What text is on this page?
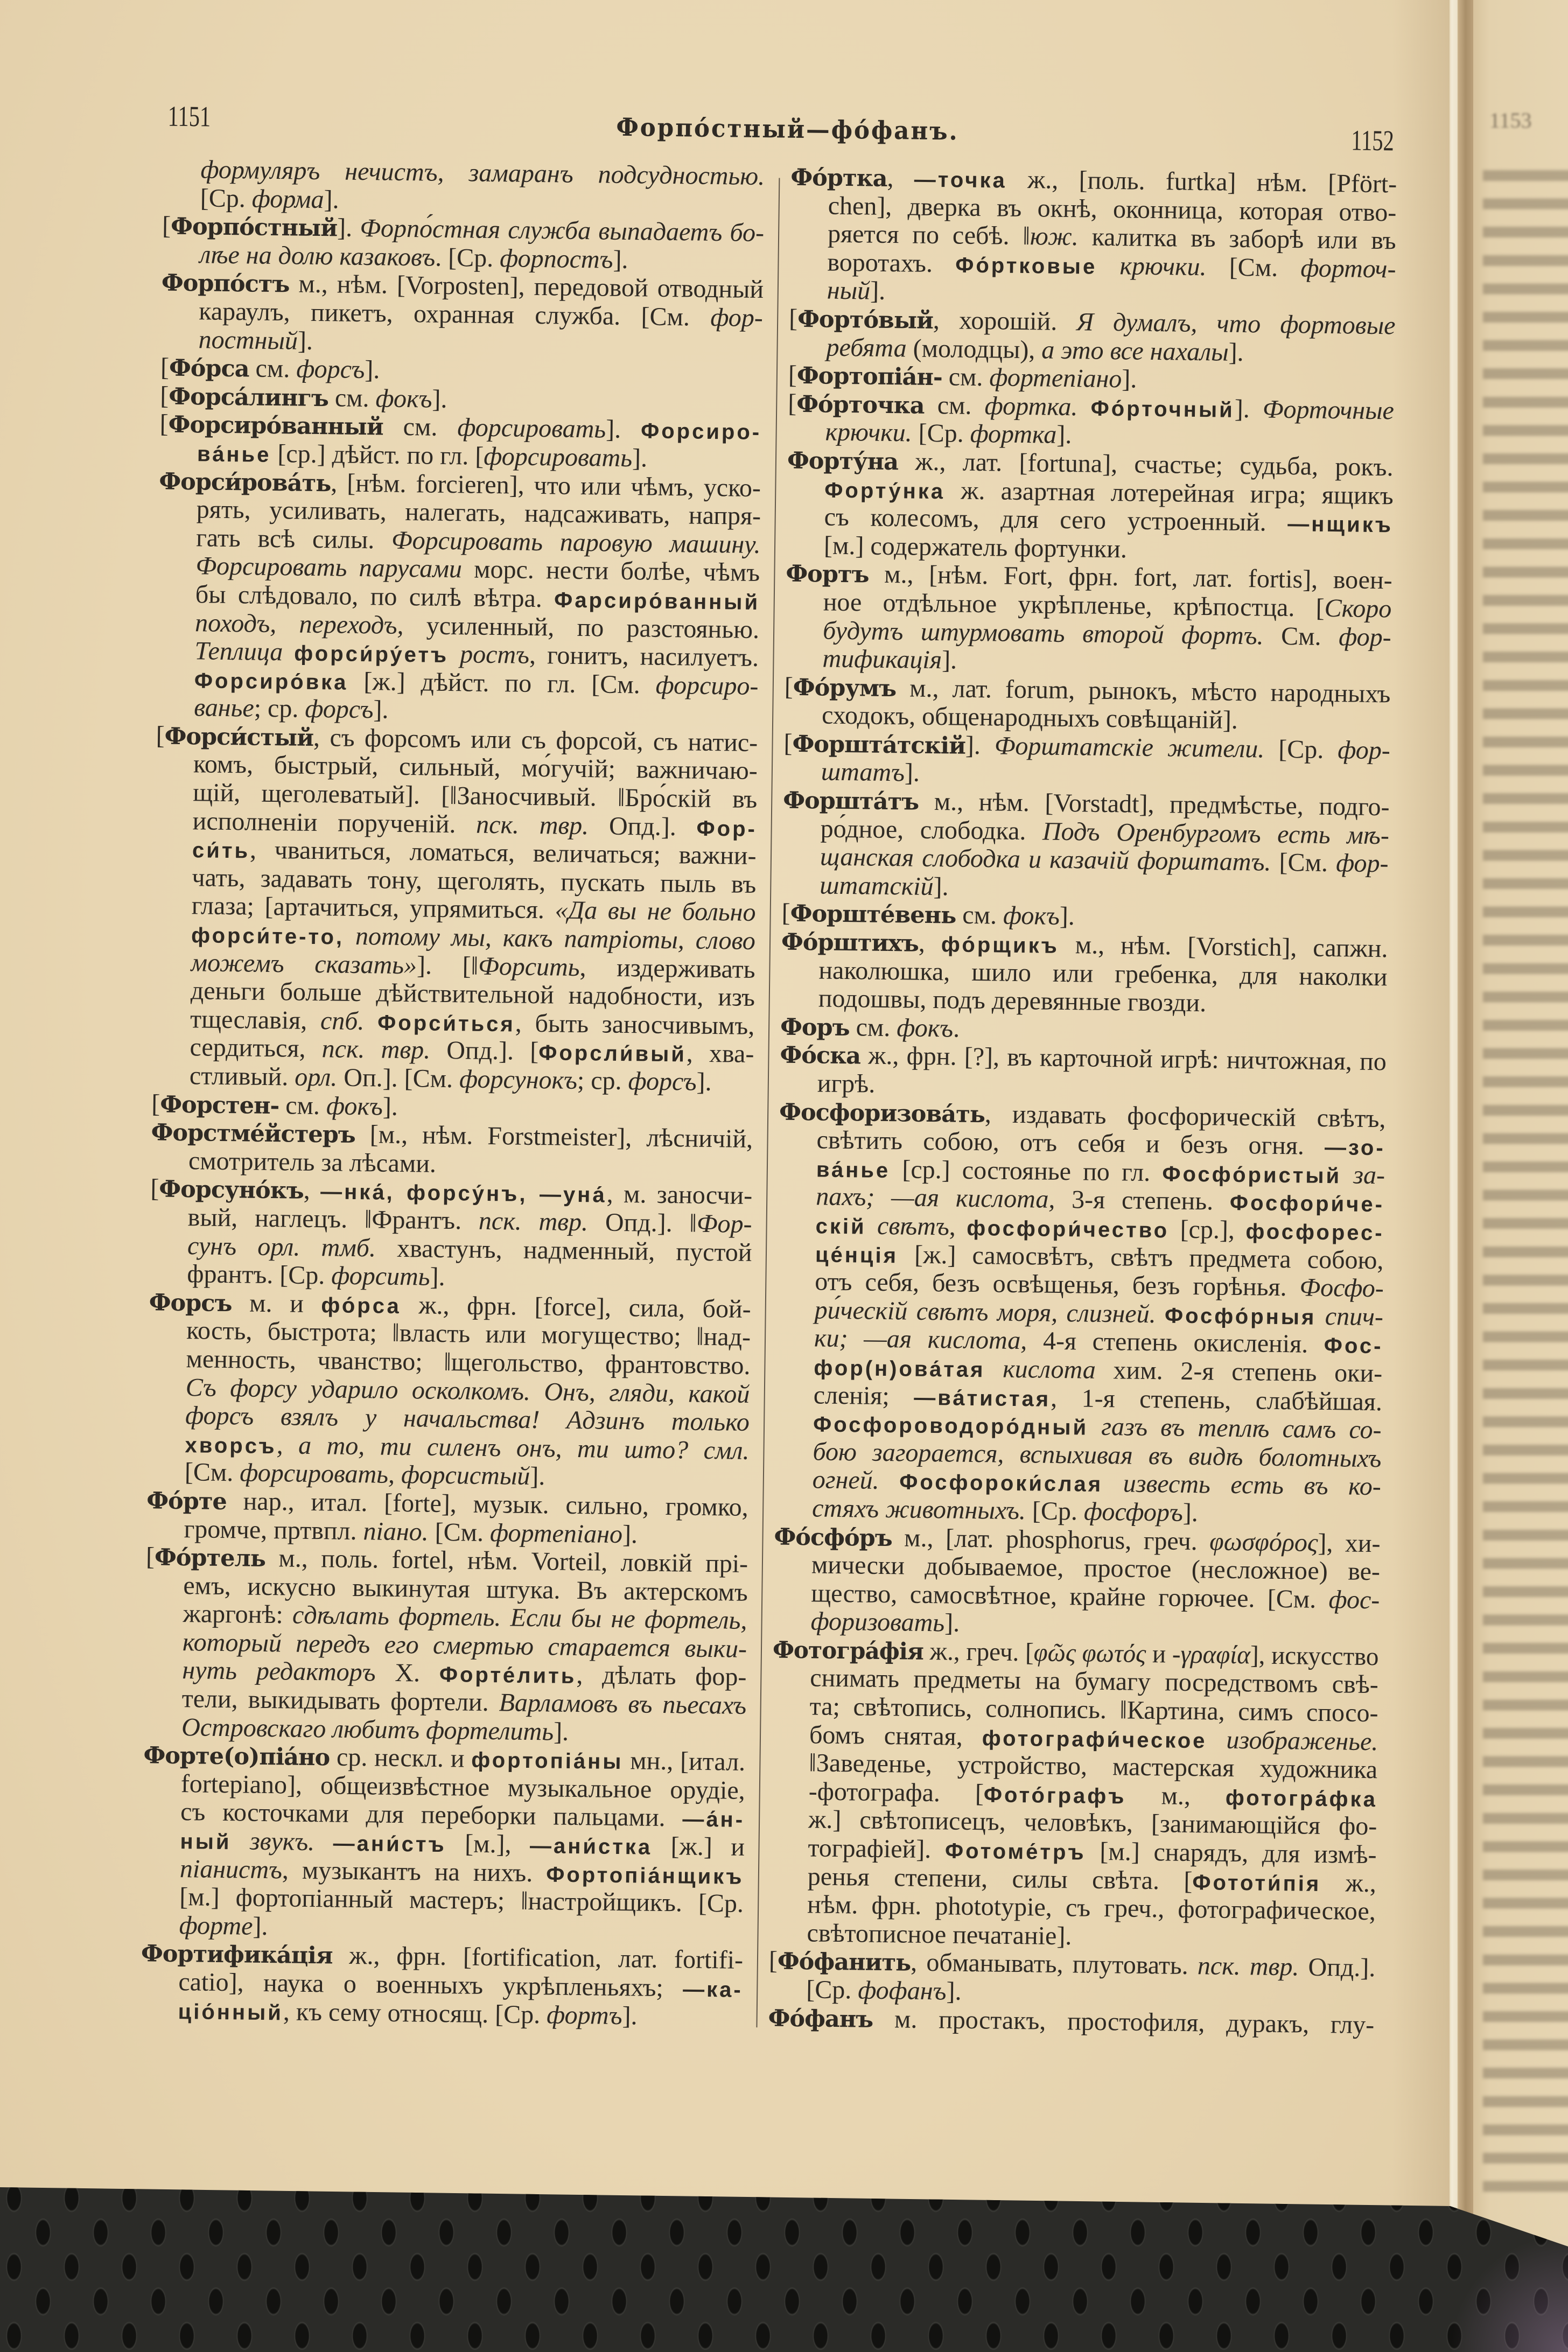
1151	Форпо́стный—фо́фанъ.	1152
формуляръ нечистъ, замаранъ подсудностью.
[Ср. форма].
[Форпо́стный]. Форпо́стная служба выпадаетъ бо-
лѣе на долю казаковъ. [Ср. форпостъ].
Форпо́стъ м., нѣм. [Vorposten], передовой отводный
караулъ, пикетъ, охранная служба. [См. фор-
постный].
[Фо́рса см. форсъ].
[Форса́лингъ см. фокъ].
[Форсиро́ванный см. форсировать]. Форсиро-
ва́нье [ср.] дѣйст. по гл. [форсировать].
Форси́рова́ть, [нѣм. forcieren], что или чѣмъ, уско-
рять, усиливать, налегать, надсаживать, напря-
гать всѣ силы. Форсировать паровую машину.
Форсировать парусами морс. нести болѣе, чѣмъ
бы слѣдовало, по силѣ вѣтра. Фарсиро́ванный
походъ, переходъ, усиленный, по разстоянью.
Теплица форси́ру́етъ ростъ, гонитъ, насилуетъ.
Форсиро́вка [ж.] дѣйст. по гл. [См. форсиро-
ванье; ср. форсъ].
[Форси́стый, съ форсомъ или съ форсой, съ натис-
комъ, быстрый, сильный, мо́гучій; важничаю-
щій, щеголеватый]. [‖Заносчивый. ‖Бро́скій въ
исполненіи порученій. пск. твр. Опд.]. Фор-
си́ть, чваниться, ломаться, величаться; важни-
чать, задавать тону, щеголять, пускать пыль въ
глаза; [артачиться, упрямиться. «Да вы не больно
форси́те-то, потому мы, какъ патріоты, слово
можемъ сказать»]. [‖Форсить, издерживать
деньги больше дѣйствительной надобности, изъ
тщеславія, спб. Форси́ться, быть заносчивымъ,
сердиться, пск. твр. Опд.]. [Форсли́вый, хва-
стливый. орл. Оп.]. [См. форсунокъ; ср. форсъ].
[Форстен- см. фокъ].
Форстме́йстеръ [м., нѣм. Forstmeister], лѣсничій,
смотритель за лѣсами.
[Форсуно́къ, —нка́, форсу́нъ, —уна́, м. заносчи-
вый, наглецъ. ‖Франтъ. пск. твр. Опд.]. ‖Фор-
сунъ орл. тмб. хвастунъ, надменный, пустой
франтъ. [Ср. форсить].
Форсъ м. и фо́рса ж., фрн. [force], сила, бой-
кость, быстрота; ‖власть или могущество; ‖над-
менность, чванство; ‖щегольство, франтовство.
Съ форсу ударило осколкомъ. Онъ, гляди, какой
форсъ взялъ у начальства! Адзинъ только
хворсъ, а то, ти силенъ онъ, ти што? смл.
[См. форсировать, форсистый].
Фо́рте нар., итал. [forte], музык. сильно, громко,
громче, пртвпл. піано. [См. фортепіано].
[Фо́ртель м., поль. fortel, нѣм. Vorteil, ловкій прі-
емъ, искусно выкинутая штука. Въ актерскомъ
жаргонѣ: сдѣлать фортель. Если бы не фортель,
который передъ его смертью старается выки-
нуть редакторъ Х. Форте́лить, дѣлать фор-
тели, выкидывать фортели. Варламовъ въ пьесахъ
Островскаго любитъ фортелить].
Форте(о)піа́но ср. нескл. и фортопіа́ны мн., [итал.
fortepiano], общеизвѣстное музыкальное орудіе,
съ косточками для переборки пальцами. —а́н-
ный звукъ. —ани́стъ [м.], —ани́стка [ж.] и
піанистъ, музыкантъ на нихъ. Фортопіа́нщикъ
[м.] фортопіанный мастеръ; ‖настройщикъ. [Ср.
форте].
Фортифика́ція ж., фрн. [fortification, лат. fortifi-
catio], наука о военныхъ укрѣпленьяхъ; —ка-
ціо́нный, къ сему относящ. [Ср. фортъ].
Фо́ртка, —точка ж., [поль. furtka] нѣм. [Pfört-
chen], дверка въ окнѣ, оконница, которая отво-
ряется по себѣ. ‖юж. калитка въ заборѣ или въ
воротахъ. Фо́ртковые крючки. [См. форточ-
ный].
[Форто́вый, хорошій. Я думалъ, что фортовые
ребята (молодцы), а это все нахалы].
[Фортопіа́н- см. фортепіано].
[Фо́рточка см. фортка. Фо́рточный]. Форточные
крючки. [Ср. фортка].
Форту́на ж., лат. [fortuna], счастье; судьба, рокъ.
Форту́нка ж. азартная лотерейная игра; ящикъ
съ колесомъ, для сего устроенный. —нщикъ
[м.] содержатель фортунки.
Фортъ м., [нѣм. Fort, фрн. fort, лат. fortis], воен-
ное отдѣльное укрѣпленье, крѣпостца. [Скоро
будутъ штурмовать второй фортъ. См. фор-
тификація].
[Фо́румъ м., лат. forum, рынокъ, мѣсто народныхъ
сходокъ, общенародныхъ совѣщаній].
[Форшта́тскій]. Форштатскіе жители. [Ср. фор-
штатъ].
Форшта́тъ м., нѣм. [Vorstadt], предмѣстье, подго-
ро́дное, слободка. Подъ Оренбургомъ есть мѣ-
щанская слободка и казачій форштатъ. [См. фор-
штатскій].
[Форште́вень см. фокъ].
Фо́рштихъ, фо́рщикъ м., нѣм. [Vorstich], сапжн.
наколюшка, шило или гребенка, для наколки
подошвы, подъ деревянные гвозди.
Форъ см. фокъ.
Фо́ска ж., фрн. [?], въ карточной игрѣ: ничтожная, по
игрѣ.
Фосфоризова́ть, издавать фосфорическій свѣтъ,
свѣтить собою, отъ себя и безъ огня. —зо-
ва́нье [ср.] состоянье по гл. Фосфо́ристый за-
пахъ; —ая кислота, 3-я степень. Фосфори́че-
скій свѣтъ, фосфори́чество [ср.], фосфорес-
це́нція [ж.] самосвѣтъ, свѣтъ предмета собою,
отъ себя, безъ освѣщенья, безъ горѣнья. Фосфо-
ри́ческій свѣтъ моря, слизней. Фосфо́рныя спич-
ки; —ая кислота, 4-я степень окисленія. Фос-
фор(н)ова́тая кислота хим. 2-я степень оки-
сленія; —ва́тистая, 1-я степень, слабѣйшая.
Фосфороводоро́дный газъ въ теплѣ самъ со-
бою загорается, вспыхивая въ видѣ болотныхъ
огней. Фосфороки́слая известь есть въ ко-
стяхъ животныхъ. [Ср. фосфоръ].
Фо́сфо́ръ м., [лат. phosphorus, греч. φωσφόρος], хи-
мически добываемое, простое (несложное) ве-
щество, самосвѣтное, крайне горючее. [См. фос-
форизовать].
Фотогра́фія ж., греч. [φῶς φωτός и -γραφία], искусство
снимать предметы на бумагу посредствомъ свѣ-
та; свѣтопись, солнопись. ‖Картина, симъ спосо-
бомъ снятая, фотографи́ческое изображенье.
‖Заведенье, устройство, мастерская художника
-фотографа. [Фото́графъ м., фотогра́фка
ж.] свѣтописецъ, человѣкъ, [занимающійся фо-
тографіей]. Фотоме́тръ [м.] снарядъ, для измѣ-
ренья степени, силы свѣта. [Фототи́пія ж.,
нѣм. фрн. phototypie, съ греч., фотографическое,
свѣтописное печатаніе].
[Фо́фанить, обманывать, плутовать. пск. твр. Опд.].
[Ср. фофанъ].
Фо́фанъ м. простакъ, простофиля, дуракъ, глу-
1153
